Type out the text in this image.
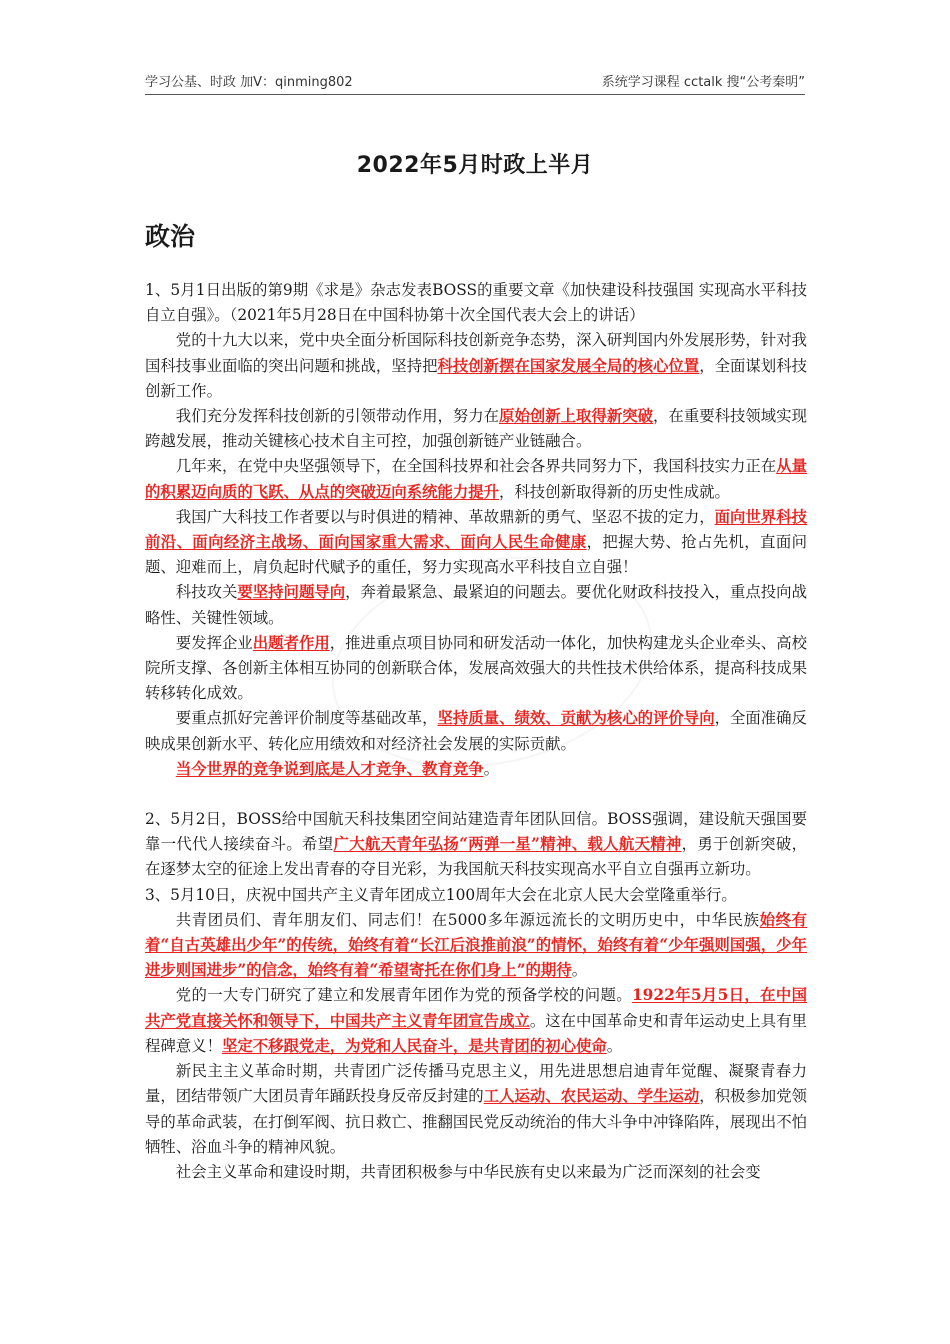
学习公基、时政 加V：qinming802	系统学习课程 cctalk 搜“公考秦明”
2022年5月时政上半月
政治

1、5月1日出版的第9期《求是》杂志发表BOSS的重要文章《加快建设科技强国 实现高水平科技自立自强》。（2021年5月28日在中国科协第十次全国代表大会上的讲话）

党的十九大以来，党中央全面分析国际科技创新竞争态势，深入研判国内外发展形势，针对我国科技事业面临的突出问题和挑战，坚持把科技创新摆在国家发展全局的核心位置，全面谋划科技创新工作。

我们充分发挥科技创新的引领带动作用，努力在原始创新上取得新突破，在重要科技领域实现跨越发展，推动关键核心技术自主可控，加强创新链产业链融合。

几年来，在党中央坚强领导下，在全国科技界和社会各界共同努力下，我国科技实力正在从量的积累迈向质的飞跃、从点的突破迈向系统能力提升，科技创新取得新的历史性成就。

我国广大科技工作者要以与时俱进的精神、革故鼎新的勇气、坚忍不拔的定力，面向世界科技前沿、面向经济主战场、面向国家重大需求、面向人民生命健康，把握大势、抢占先机，直面问题、迎难而上，肩负起时代赋予的重任，努力实现高水平科技自立自强！

科技攻关要坚持问题导向，奔着最紧急、最紧迫的问题去。要优化财政科技投入，重点投向战略性、关键性领域。

要发挥企业出题者作用，推进重点项目协同和研发活动一体化，加快构建龙头企业牵头、高校院所支撑、各创新主体相互协同的创新联合体，发展高效强大的共性技术供给体系，提高科技成果转移转化成效。

要重点抓好完善评价制度等基础改革，坚持质量、绩效、贡献为核心的评价导向，全面准确反映成果创新水平、转化应用绩效和对经济社会发展的实际贡献。

当今世界的竞争说到底是人才竞争、教育竞争。

2、5月2日，BOSS给中国航天科技集团空间站建造青年团队回信。BOSS强调，建设航天强国要靠一代代人接续奋斗。希望广大航天青年弘扬“两弹一星”精神、载人航天精神，勇于创新突破，在逐梦太空的征途上发出青春的夺目光彩，为我国航天科技实现高水平自立自强再立新功。

3、5月10日，庆祝中国共产主义青年团成立100周年大会在北京人民大会堂隆重举行。

共青团员们、青年朋友们、同志们！在5000多年源远流长的文明历史中，中华民族始终有着“自古英雄出少年”的传统，始终有着“长江后浪推前浪”的情怀，始终有着“少年强则国强，少年进步则国进步”的信念，始终有着“希望寄托在你们身上”的期待。

党的一大专门研究了建立和发展青年团作为党的预备学校的问题。1922年5月5日，在中国共产党直接关怀和领导下，中国共产主义青年团宣告成立。这在中国革命史和青年运动史上具有里程碑意义！坚定不移跟党走，为党和人民奋斗，是共青团的初心使命。

新民主主义革命时期，共青团广泛传播马克思主义，用先进思想启迪青年觉醒、凝聚青春力量，团结带领广大团员青年踊跃投身反帝反封建的工人运动、农民运动、学生运动，积极参加党领导的革命武装，在打倒军阀、抗日救亡、推翻国民党反动统治的伟大斗争中冲锋陷阵，展现出不怕牺牲、浴血斗争的精神风貌。

社会主义革命和建设时期，共青团积极参与中华民族有史以来最为广泛而深刻的社会变
